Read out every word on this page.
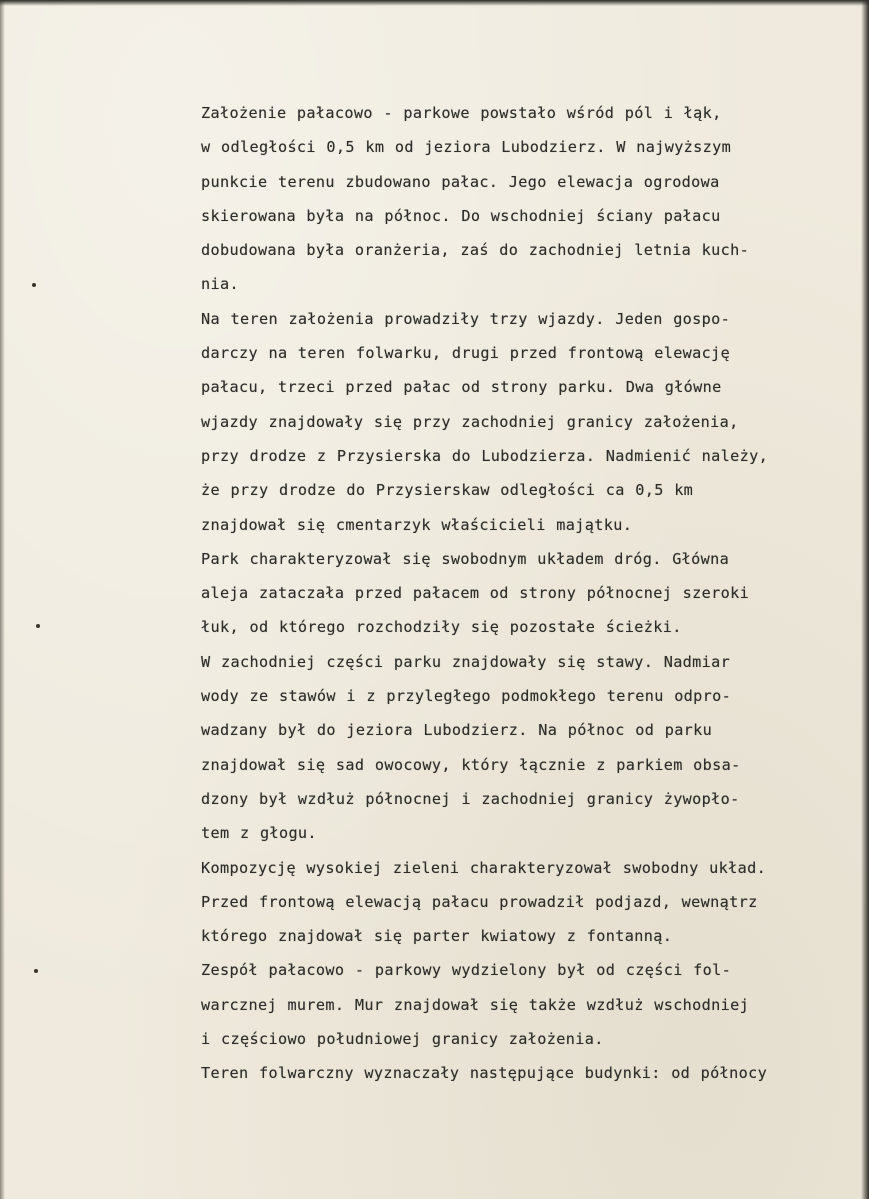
Założenie pałacowo - parkowe powstało wśród pól i łąk,
w odległości 0,5 km od jeziora Lubodzierz. W najwyższym
punkcie terenu zbudowano pałac. Jego elewacja ogrodowa
skierowana była na północ. Do wschodniej ściany pałacu
dobudowana była oranżeria, zaś do zachodniej letnia kuch-
nia.
Na teren założenia prowadziły trzy wjazdy. Jeden gospo-
darczy na teren folwarku, drugi przed frontową elewację
pałacu, trzeci przed pałac od strony parku. Dwa główne
wjazdy znajdowały się przy zachodniej granicy założenia,
przy drodze z Przysierska do Lubodzierza. Nadmienić należy,
że przy drodze do Przysierskaw odległości ca 0,5 km
znajdował się cmentarzyk właścicieli majątku.
Park charakteryzował się swobodnym układem dróg. Główna
aleja zataczała przed pałacem od strony północnej szeroki
łuk, od którego rozchodziły się pozostałe ścieżki.
W zachodniej części parku znajdowały się stawy. Nadmiar
wody ze stawów i z przyległego podmokłego terenu odpro-
wadzany był do jeziora Lubodzierz. Na północ od parku
znajdował się sad owocowy, który łącznie z parkiem obsa-
dzony był wzdłuż północnej i zachodniej granicy żywopło-
tem z głogu.
Kompozycję wysokiej zieleni charakteryzował swobodny układ.
Przed frontową elewacją pałacu prowadził podjazd, wewnątrz
którego znajdował się parter kwiatowy z fontanną.
Zespół pałacowo - parkowy wydzielony był od części fol-
warcznej murem. Mur znajdował się także wzdłuż wschodniej
i częściowo południowej granicy założenia.
Teren folwarczny wyznaczały następujące budynki: od północy
